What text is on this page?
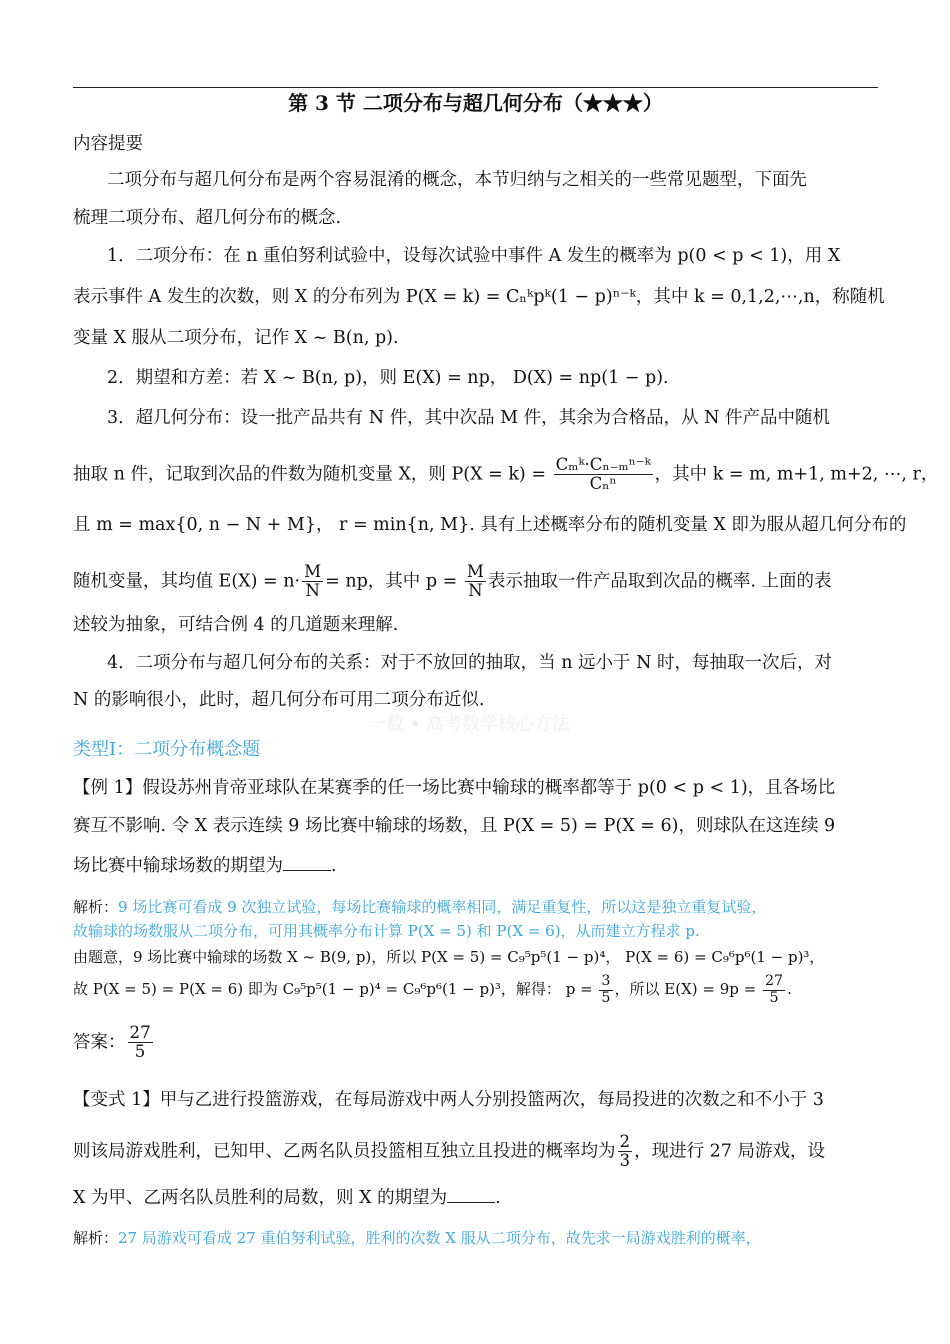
第 3 节 二项分布与超几何分布（★★★）
内容提要
二项分布与超几何分布是两个容易混淆的概念，本节归纳与之相关的一些常见题型，下面先
梳理二项分布、超几何分布的概念.
1．二项分布：在 n 重伯努利试验中，设每次试验中事件 A 发生的概率为 p(0 < p < 1)，用 X
表示事件 A 发生的次数，则 X 的分布列为 P(X = k) = Cₙᵏpᵏ(1 − p)ⁿ⁻ᵏ，其中 k = 0,1,2,⋯,n，称随机
变量 X 服从二项分布，记作 X ~ B(n, p).
2．期望和方差：若 X ~ B(n, p)，则 E(X) = np， D(X) = np(1 − p).
3．超几何分布：设一批产品共有 N 件，其中次品 M 件，其余为合格品，从 N 件产品中随机
抽取 n 件，记取到次品的件数为随机变量 X，则 $P(X = k) = \frac{\text{Cₘᵏ·Cₙ₋ₘⁿ⁻ᵏ}}{\text{Cₙⁿ}}$ ，其中 k = m, m+1, m+2, ⋯, r，
且 m = max{0, n − N + M}， r = min{n, M}. 具有上述概率分布的随机变量 X 即为服从超几何分布的
随机变量，其均值 $E(X) = n\cdot \frac{M}{N}$ = np，其中 $p = \frac{M}{N}$ 表示抽取一件产品取到次品的概率. 上面的表
述较为抽象，可结合例 4 的几道题来理解.
4．二项分布与超几何分布的关系：对于不放回的抽取，当 n 远小于 N 时，每抽取一次后，对
N 的影响很小，此时，超几何分布可用二项分布近似.
一数 • 高考数学核心方法
类型Ⅰ：二项分布概念题
【例 1】假设苏州肯帝亚球队在某赛季的任一场比赛中输球的概率都等于 p(0 < p < 1)，且各场比
赛互不影响. 令 X 表示连续 9 场比赛中输球的场数，且 P(X = 5) = P(X = 6)，则球队在这连续 9
场比赛中输球场数的期望为	.
解析：9 场比赛可看成 9 次独立试验，每场比赛输球的概率相同，满足重复性，所以这是独立重复试验，
故输球的场数服从二项分布，可用其概率分布计算 P(X = 5) 和 P(X = 6)，从而建立方程求 p.
由题意，9 场比赛中输球的场数 X ~ B(9, p)，所以 P(X = 5) = C₉⁵p⁵(1 − p)⁴， P(X = 6) = C₉⁶p⁶(1 − p)³，
故 P(X = 5) = P(X = 6) 即为 C₉⁵p⁵(1 − p)⁴ = C₉⁶p⁶(1 − p)³，解得： $p = \frac{3}{5}$ ，所以 $E(X) = 9p = \frac{27}{5}$ .
答案： $\frac{27}{5}$
【变式 1】甲与乙进行投篮游戏，在每局游戏中两人分别投篮两次，每局投进的次数之和不小于 3
则该局游戏胜利，已知甲、乙两名队员投篮相互独立且投进的概率均为 $\frac{2}{3}$ ，现进行 27 局游戏，设
X 为甲、乙两名队员胜利的局数，则 X 的期望为	.
解析：27 局游戏可看成 27 重伯努利试验，胜利的次数 X 服从二项分布，故先求一局游戏胜利的概率，
